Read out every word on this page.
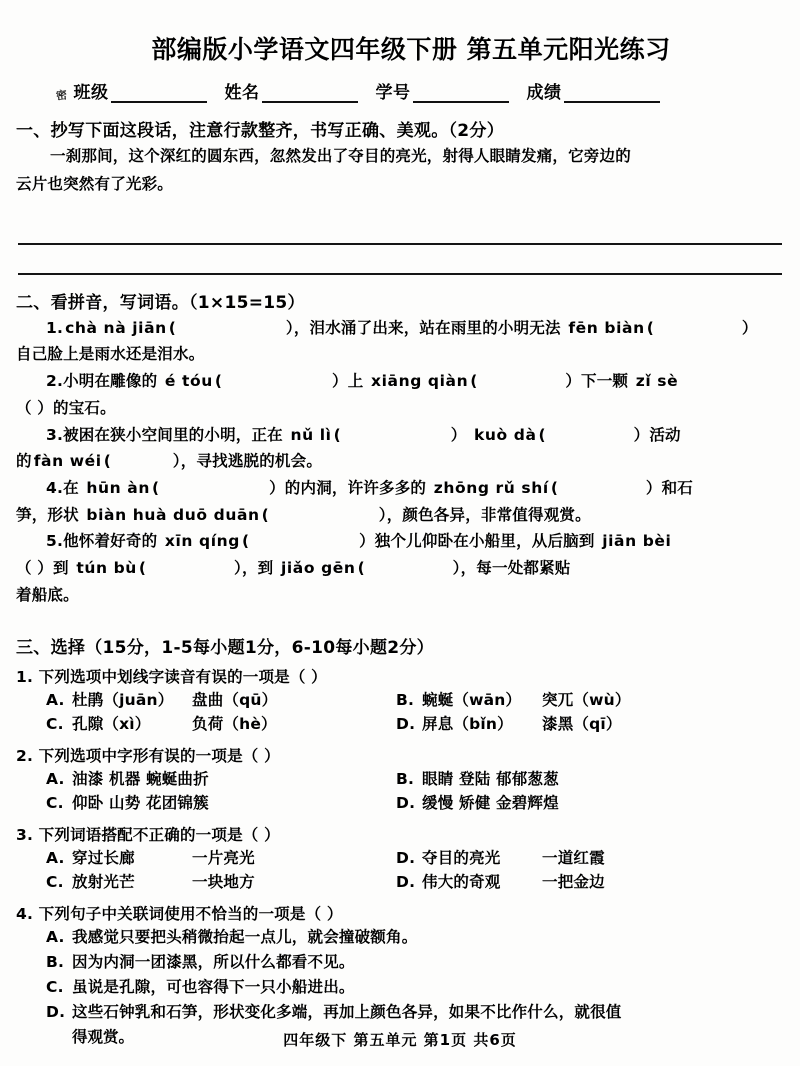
部编版小学语文四年级下册 第五单元阳光练习
密 班级	姓名	学号	成绩
一、抄写下面这段话，注意行款整齐，书写正确、美观。（2分）
一刹那间，这个深红的圆东西，忽然发出了夺目的亮光，射得人眼睛发痛，它旁边的
云片也突然有了光彩。
二、看拼音，写词语。（1×15=15）
1. chà nà jiān (	），泪水涌了出来，站在雨里的小明无法 fēn biàn (	）
自己脸上是雨水还是泪水。
2.小明在雕像的 é tóu (	）上 xiāng qiàn (	）下一颗 zǐ sè
（ ）的宝石。
3.被困在狭小空间里的小明，正在 nǔ lì (	） kuò dà (	）活动
的 fàn wéi (	），寻找逃脱的机会。
4.在 hūn àn (	）的内洞，许许多多的 zhōng rǔ shí (	）和石
笋，形状 biàn huà duō duān (	），颜色各异，非常值得观赏。
5.他怀着好奇的 xīn qíng (	）独个儿仰卧在小船里，从后脑到 jiān bèi
（ ）到 tún bù (	），到 jiǎo gēn (	），每一处都紧贴
着船底。
三、选择（15分，1-5每小题1分，6-10每小题2分）
1. 下列选项中划线字读音有误的一项是（ ）
A. 杜鹃（juān）	盘曲（qū）	B. 蜿蜒（wān）	突兀（wù）
C. 孔隙（xì）	负荷（hè）	D. 屏息（bǐn）	漆黑（qī）
2. 下列选项中字形有误的一项是（ ）
A. 油漆 机器 蜿蜒曲折	B. 眼睛 登陆 郁郁葱葱
C. 仰卧 山势 花团锦簇	D. 缓慢 矫健 金碧辉煌
3. 下列词语搭配不正确的一项是（ ）
A. 穿过长廊	一片亮光	D. 夺目的亮光	一道红霞
C. 放射光芒	一块地方	D. 伟大的奇观	一把金边
4. 下列句子中关联词使用不恰当的一项是（ ）
A. 我感觉只要把头稍微抬起一点儿，就会撞破额角。
B. 因为内洞一团漆黑，所以什么都看不见。
C. 虽说是孔隙，可也容得下一只小船进出。
D. 这些石钟乳和石笋，形状变化多端，再加上颜色各异，如果不比作什么，就很值
得观赏。	四年级下 第五单元 第1页 共6页
